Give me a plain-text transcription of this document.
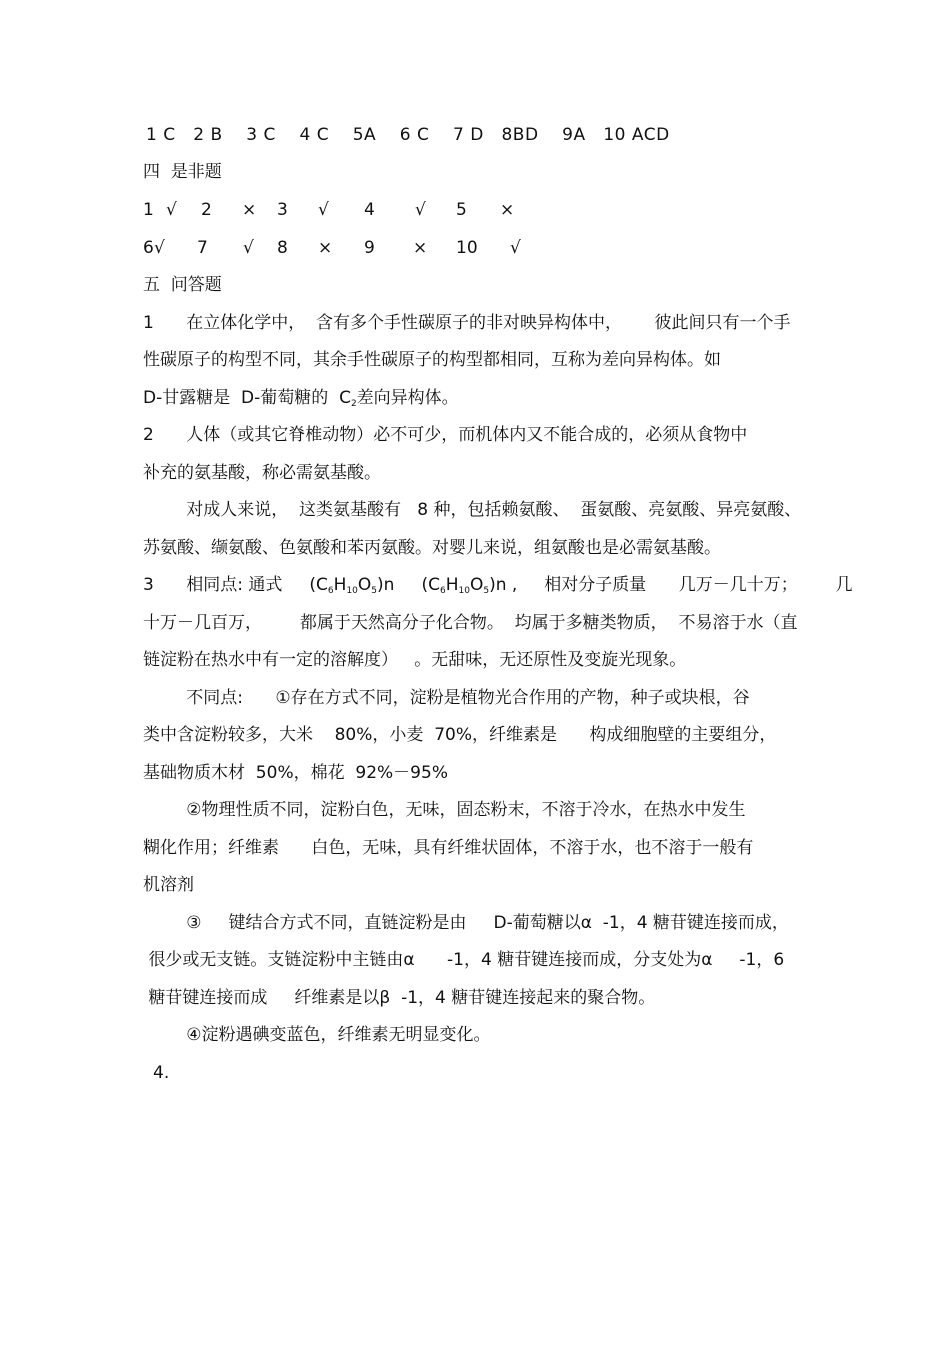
1 C   2 B    3 C    4 C    5A    6 C    7 D   8BD    9A   10 ACD
四  是非题
1 √ 2 × 3 √ 4 √ 5 ×
6 √ 7 √ 8 × 9 × 10 √
五  问答题
1      在立体化学中，  含有多个手性碳原子的非对映异构体中，      彼此间只有一个手
性碳原子的构型不同，其余手性碳原子的构型都相同，互称为差向异构体。如
D-甘露糖是  D-葡萄糖的  $C_2$差向异构体。
2      人体（或其它脊椎动物）必不可少，而机体内又不能合成的，必须从食物中
补充的氨基酸，称必需氨基酸。
对成人来说，  这类氨基酸有   8 种，包括赖氨酸、  蛋氨酸、亮氨酸、异亮氨酸、
苏氨酸、缬氨酸、色氨酸和苯丙氨酸。对婴儿来说，组氨酸也是必需氨基酸。
3      相同点: 通式     $(C_6H_{10}O_5)n$     $(C_6H_{10}O_5)n$ ,     相对分子质量      几万－几十万；       几
十万－几百万，       都属于天然高分子化合物。  均属于多糖类物质，  不易溶于水（直
链淀粉在热水中有一定的溶解度）   。无甜味，无还原性及变旋光现象。
不同点:      ①存在方式不同，淀粉是植物光合作用的产物，种子或块根，谷
类中含淀粉较多，大米    80%，小麦  70%，纤维素是      构成细胞壁的主要组分，
基础物质木材  50%，棉花  92%－95%
②物理性质不同，淀粉白色，无味，固态粉末，不溶于冷水，在热水中发生
糊化作用；纤维素      白色，无味，具有纤维状固体，不溶于水，也不溶于一般有
机溶剂
③     键结合方式不同，直链淀粉是由     D-葡萄糖以α  -1，4 糖苷键连接而成，
很少或无支链。支链淀粉中主链由α      -1，4 糖苷键连接而成，分支处为α     -1，6
糖苷键连接而成     纤维素是以β  -1，4 糖苷键连接起来的聚合物。
④淀粉遇碘变蓝色，纤维素无明显变化。
4.
